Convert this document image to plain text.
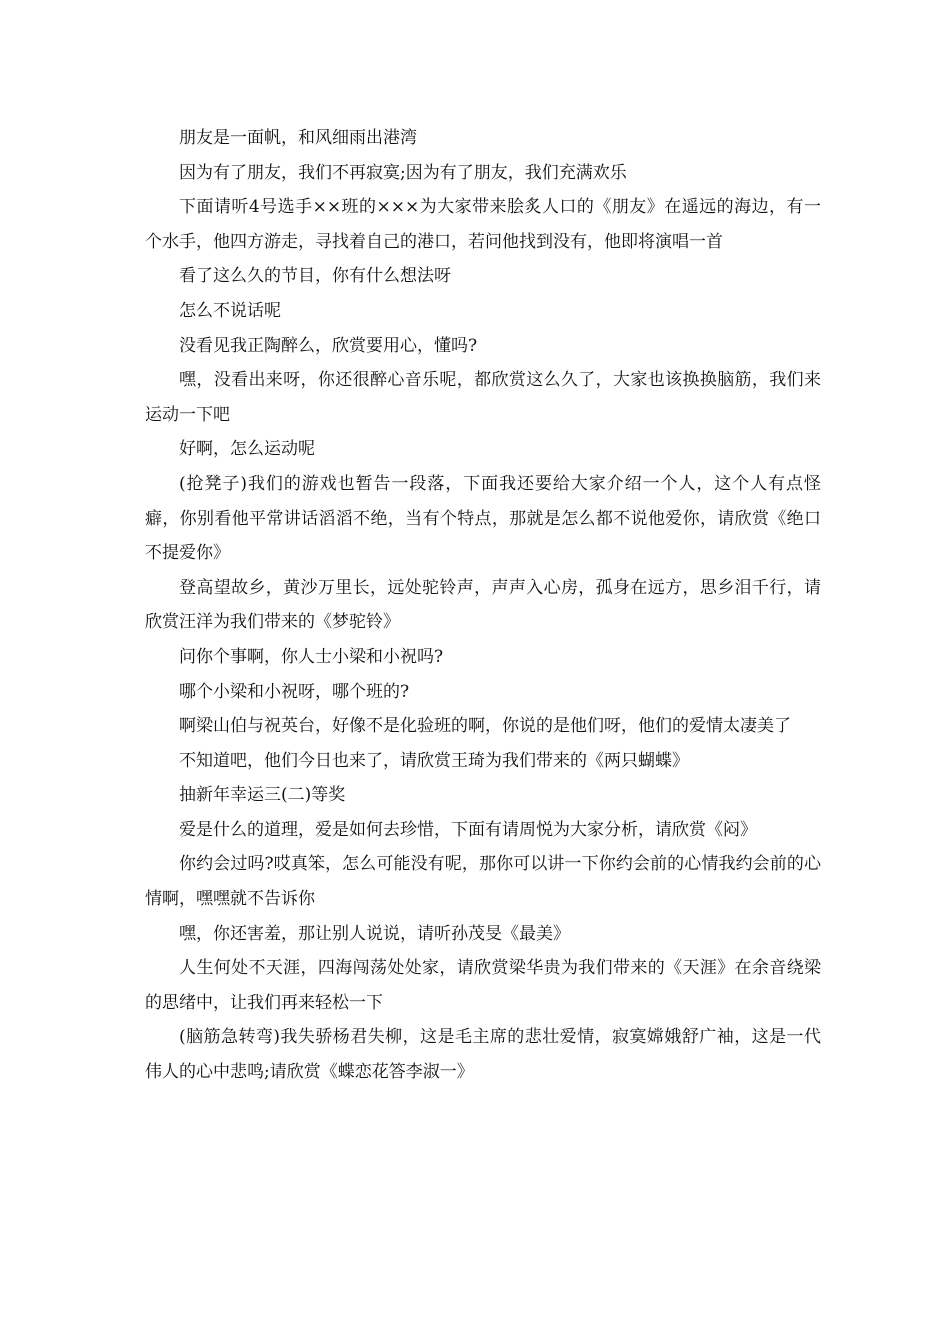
朋友是一面帆，和风细雨出港湾

因为有了朋友，我们不再寂寞;因为有了朋友，我们充满欢乐

下面请听4号选手××班的×××为大家带来脍炙人口的《朋友》在遥远的海边，有一个水手，他四方游走，寻找着自己的港口，若问他找到没有，他即将演唱一首

看了这么久的节目，你有什么想法呀

怎么不说话呢

没看见我正陶醉么，欣赏要用心，懂吗?

嘿，没看出来呀，你还很醉心音乐呢，都欣赏这么久了，大家也该换换脑筋，我们来运动一下吧

好啊，怎么运动呢

(抢凳子)我们的游戏也暂告一段落，下面我还要给大家介绍一个人，这个人有点怪癖，你别看他平常讲话滔滔不绝，当有个特点，那就是怎么都不说他爱你，请欣赏《绝口不提爱你》

登高望故乡，黄沙万里长，远处驼铃声，声声入心房，孤身在远方，思乡泪千行，请欣赏汪洋为我们带来的《梦驼铃》

问你个事啊，你人士小梁和小祝吗?

哪个小梁和小祝呀，哪个班的?

啊梁山伯与祝英台，好像不是化验班的啊，你说的是他们呀，他们的爱情太凄美了

不知道吧，他们今日也来了，请欣赏王琦为我们带来的《两只蝴蝶》

抽新年幸运三(二)等奖

爱是什么的道理，爱是如何去珍惜，下面有请周悦为大家分析，请欣赏《闷》

你约会过吗?哎真笨，怎么可能没有呢，那你可以讲一下你约会前的心情我约会前的心情啊，嘿嘿就不告诉你

嘿，你还害羞，那让别人说说，请听孙茂旻《最美》

人生何处不天涯，四海闯荡处处家，请欣赏梁华贵为我们带来的《天涯》在余音绕梁的思绪中，让我们再来轻松一下

(脑筋急转弯)我失骄杨君失柳，这是毛主席的悲壮爱情，寂寞嫦娥舒广袖，这是一代伟人的心中悲鸣;请欣赏《蝶恋花答李淑一》
